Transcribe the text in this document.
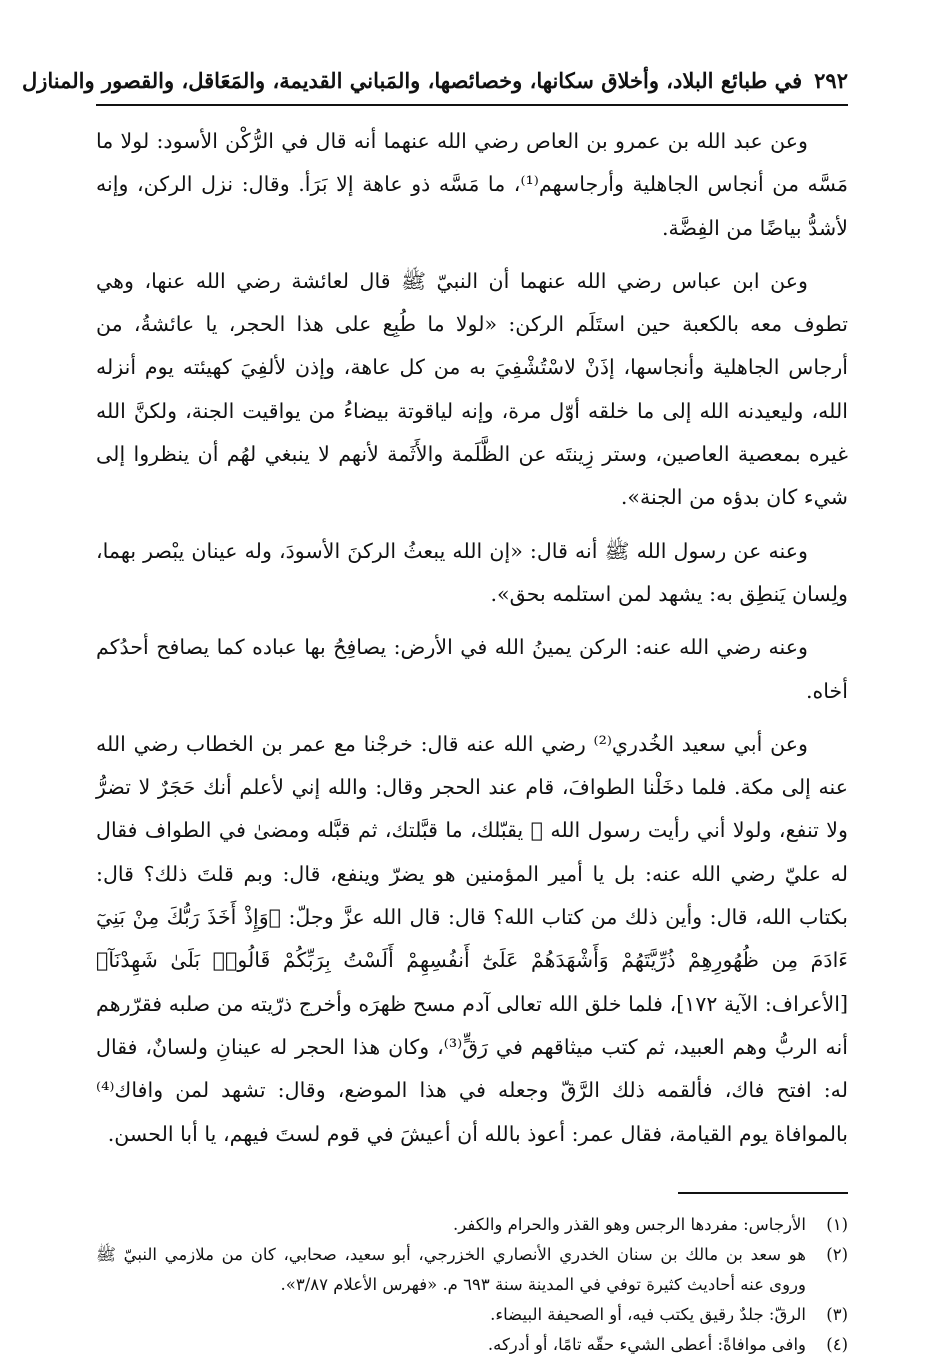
٢٩٢
في طبائع البلاد، وأخلاق سكانها، وخصائصها، والمَباني القديمة، والمَعَاقل، والقصور والمنازل

وعن عبد الله بن عمرو بن العاص رضي الله عنهما أنه قال في الرُّكْن الأسود: لولا ما مَسَّه من أنجاس الجاهلية وأرجاسهم⁽¹⁾، ما مَسَّه ذو عاهة إلا بَرَأ. وقال: نزل الركن، وإنه لأشدُّ بياضًا من الفِضَّة.

وعن ابن عباس رضي الله عنهما أن النبيّ ﷺ قال لعائشة رضي الله عنها، وهي تطوف معه بالكعبة حين استَلَم الركن: «لولا ما طُبِع على هذا الحجر، يا عائشةُ، من أرجاس الجاهلية وأنجاسها، إذَنْ لاسْتُشْفِيَ به من كل عاهة، وإذن لألفِيَ كهيئته يوم أنزله الله، وليعيدنه الله إلى ما خلقه أوّل مرة، وإنه لياقوتة بيضاءُ من يواقيت الجنة، ولكنَّ الله غيره بمعصية العاصين، وستر زِينتَه عن الظَّلَمة والأَثَمة لأنهم لا ينبغي لهُم أن ينظروا إلى شيء كان بدؤه من الجنة».

وعنه عن رسول الله ﷺ أنه قال: «إن الله يبعثُ الركنَ الأسودَ، وله عينان يبْصر بهما، ولِسان يَنطِق به: يشهد لمن استلمه بحق».

وعنه رضي الله عنه: الركن يمينُ الله في الأرض: يصافِحُ بها عباده كما يصافح أحدُكم أخاه.

وعن أبي سعيد الخُدري⁽²⁾ رضي الله عنه قال: خرجْنا مع عمر بن الخطاب رضي الله عنه إلى مكة. فلما دخَلْنا الطوافَ، قام عند الحجر وقال: والله إني لأعلم أنك حَجَرٌ لا تضرُّ ولا تنفع، ولولا أني رأيت رسول الله ﷺ يقبّلك، ما قبَّلتك، ثم قبَّله ومضىٰ في الطواف فقال له عليّ رضي الله عنه: بل يا أمير المؤمنين هو يضرّ وينفع، قال: وبم قلتَ ذلك؟ قال: بكتاب الله، قال: وأين ذلك من كتاب الله؟ قال: قال الله عزَّ وجلّ: ﴿وَإِذْ أَخَذَ رَبُّكَ مِنْ بَنِيٓ ءَادَمَ مِن ظُهُورِهِمْ ذُرِّيَّتَهُمْ وَأَشْهَدَهُمْ عَلَىٰٓ أَنفُسِهِمْ أَلَسْتُ بِرَبِّكُمْ قَالُوا۟ بَلَىٰ شَهِدْنَآ﴾ [الأعراف: الآية ١٧٢]، فلما خلق الله تعالى آدم مسح ظهرَه وأخرج ذرّيته من صلبه فقرّرهم أنه الربُّ وهم العبيد، ثم كتب ميثاقهم في رَقٍّ⁽³⁾، وكان هذا الحجر له عينانِ ولسانٌ، فقال له: افتح فاك، فألقمه ذلك الرَّقّ وجعله في هذا الموضع، وقال: تشهد لمن وافاك⁽⁴⁾ بالموافاة يوم القيامة، فقال عمر: أعوذ بالله أن أعيشَ في قوم لستَ فيهم، يا أبا الحسن.

(١)
الأرجاس: مفردها الرجس وهو القذر والحرام والكفر.
(٢)
هو سعد بن مالك بن سنان الخدري الأنصاري الخزرجي، أبو سعيد، صحابي، كان من ملازمي النبيّ ﷺ وروى عنه أحاديث كثيرة توفي في المدينة سنة ٦٩٣ م. «فهرس الأعلام ٣/٨٧».
(٣)
الرقّ: جلدٌ رقيق يكتب فيه، أو الصحيفة البيضاء.
(٤)
وافى موافاةً: أعطى الشيء حقّه تامًا، أو أدركه.
